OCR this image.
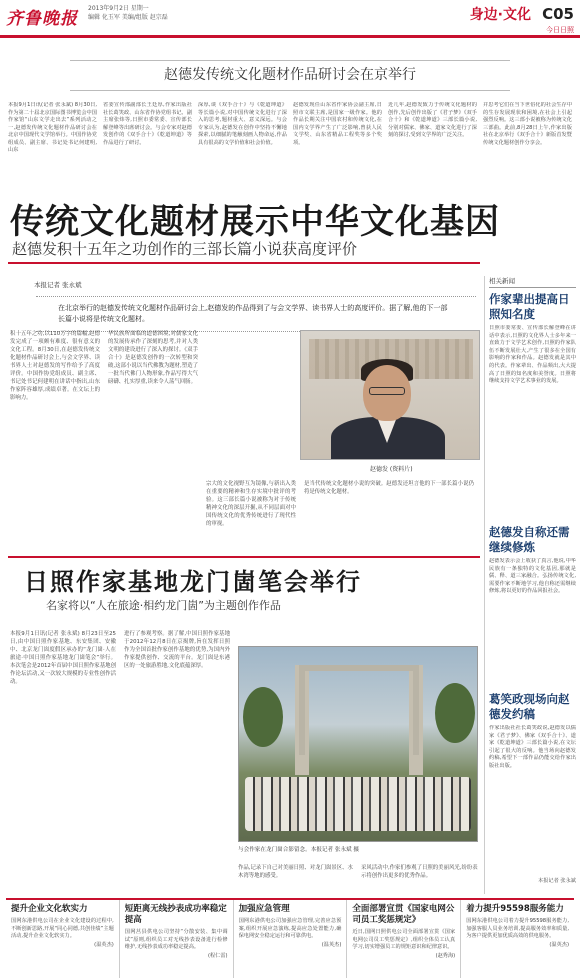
齐鲁晚报
2013年9月2日 星期一
编辑 化玉军 美编/组版 赵宗磊	身边·文化 C05
今日日照
赵德发传统文化题材作品研讨会在京举行
本报9月1日讯(记者 张永斌) 8月30日,作为第二十届北京国际图书博览会中国作家馆“山东文学走出去”系列活动之一,赵德发传统文化题材作品研讨会在北京中国现代文学馆举行。中国作协党组成员、副主席、书记处书记何建明,山东
省委宣传部副部长王廷厚,作家出版社社长葛笑政、山东省作协党组书记、副主席张炜等,日照市委常委、宣传部长解登峰等出席研讨会。与会专家对赵德发创作的《双手合十》《乾道坤道》等作品进行了研讨。
深厚,谈《双手合十》与《乾道坤道》等长篇小说,对中国传统文化进行了深入的思考,题材重大、意义深远。与会专家认为,赵德发在创作中坚持不懈地探索,以细腻的笔触刻画人物命运,作品具有很高的文学价值和社会价值。
赵德发现任山东省作家协会副主席,日照市文联主席,是国家一级作家。他的作品长期关注中国农村和传统文化,在国内文学界产生了广泛影响,曾获人民文学奖、山东省精品工程奖等多个奖项。
近几年,赵德发致力于传统文化题材的创作,先后创作出版了《君子梦》《双手合十》和《乾道坤道》三部长篇小说,分别对儒家、佛家、道家文化进行了深刻的探讨,受到文学界的广泛关注。
并思考它们在当下世俗化的社会生存中的生存发展现状和困境,在社会上引起强烈反响。这三部小说被称为传统文化三部曲。此前,8月28日上午,作家出版社在北京举行《双手合十》新版首发暨传统文化题材创作分享会。
传统文化题材展示中华文化基因
赵德发积十五年之功创作的三部长篇小说获高度评价
本报记者 张永斌
在北京举行的赵德发传统文化题材作品研讨会上,赵德发的作品得到了与会文学界、读书界人士的高度评价。据了解,他的下一部长篇小说将是传统文化题材。
积十五年之功,以110万字的篇幅,赵德发完成了一项颇有难度、很有意义的文化工程。8月30日,在赵德发传统文化题材作品研讨会上,与会文学界、读书界人士对赵德发的写作给予了高度评价。中国作协党组成员、副主席、书记处书记何建明在讲话中指出,山东作家阵容雄厚,成绩卓著。在文坛上的影响力。
华民族所面临的道德困境,对儒家文化的发展传承作了深刻的思考,并对人类文明的建设进行了深入的探讨。《双手合十》是赵德发创作的一次转型和突破,这部小说以当代佛教为题材,塑造了一批当代佛门人物形象,作品写得大气磅礴、扎实厚重,读来令人荡气回肠。
宗大的文化视野互为镜像,与新出入类在重要的精神和生存实境中批评的考验。这三部长篇小说被称为对于传统精神文化的深层开掘,从不同层面对中国传统文化的优秀传统进行了现代性的审视。
是当代传统文化题材小说的突破。赵德发还坦言他的下一部长篇小说仍将是传统文化题材。
赵德发 (资料片)
相关新闻
作家辈出提高日照知名度
日照市委常委、宣传部长解登峰在讲话中表示,日照的文化界人士多年来一直致力于文学艺术创作,日照的作家队伍不断发展壮大,产生了很多在全国有影响的作家和作品。赵德发就是其中的代表。作家辈出、作品频出,大大提高了日照的知名度和美誉度。日照将继续支持文学艺术事业的发展。
赵德发自称还需继续修炼
赵德发表示会上收获了真言,他说,中华民族有一条独特的文化基因,那就是儒、释、道三家融合。弘扬传统文化,需要作家不断地学习,他自称还需继续修炼,将以更好的作品回报社会。
葛笑政现场向赵德发约稿
作家出版社社长葛笑政说,赵德发以儒家《君子梦》、佛家《双手合十》、道家《乾道坤道》三部长篇小说,在文坛引起了很大的反响。他当场向赵德发约稿,希望下一部作品仍能交给作家出版社出版。
本报记者 张永斌
日照作家基地龙门崮笔会举行
名家将以“人在旅途·相约龙门崮”为主题创作作品
本报9月1日讯(记者 张永斌) 8月23日至25日,由中国日照作家基地、东安集团、安徽中、北京龙门崮度假区承办的“龙门崮·人在旅途·中国日照作家基地龙门崮笔会”举行。本次笔会是2012年首届中国日照作家基地创作论坛活动,又一次较大规模的专业性创作活动。
进行了参观考察。据了解,中国日照作家基地于2012年12月8日在京揭牌,旨在发挥日照作为全国首批作家创作基地的优势,为国内外作家提供创作、交流的平台。龙门崮是东港区的一处旅游胜地,文化底蕴深厚。
与会作家在龙门崮合影留念。本报记者 张永斌 摄
作品,记录下自己对美丽日照、对龙门崮景区、水木湾等地的感受。
采风活动中,作家们参观了日照的美丽风光,纷纷表示将创作出更多的优秀作品。
提升企业文化软实力
国网东港供电公司在企业文化建设的过程中,不断创新思路,开展“同心同德,共创佳绩”主题活动,提升企业文化软实力。
(温英杰)
短距离无线抄表成功率稳定提高
国网莒县供电公司坚持“分散安装、集中调试”原则,组织员工对无线抄表设备进行检修维护,无线抄表成功率稳定提高。
(程仁雷)
加强应急管理
国网东港供电公司加强应急管理,完善应急预案,组织开展应急演练,提高应急处置能力,确保电网安全稳定运行和可靠供电。
(温英杰)
全面部署宣贯《国家电网公司员工奖惩规定》
近日,国网日照供电公司全面部署宣贯《国家电网公司员工奖惩规定》,组织全体员工认真学习,切实增强员工的规矩意识和纪律意识。
(赵秀海)
着力提升95598服务能力
国网东港供电公司着力提升95598服务能力,加强客服人员业务培训,提高服务效率和质量,为客户提供更加优质高效的供电服务。
(温英杰)
